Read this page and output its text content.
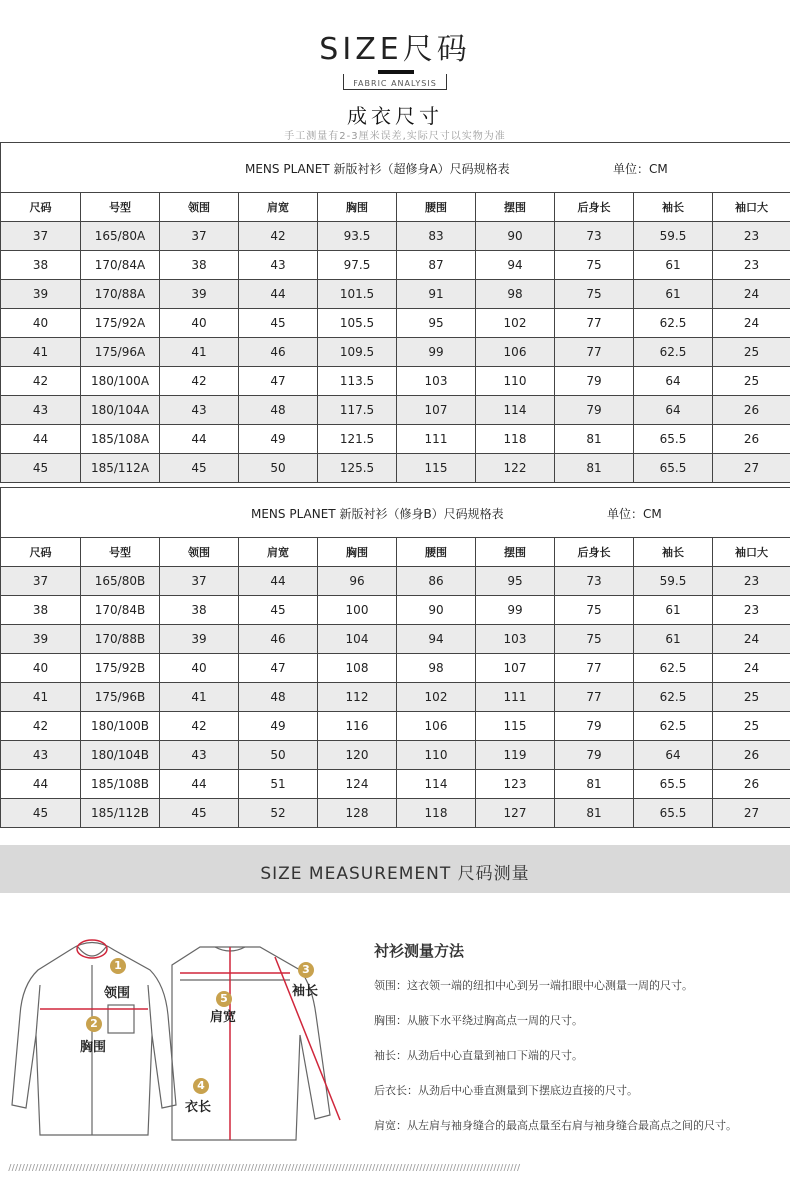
SIZE尺码
FABRIC ANALYSIS
成衣尺寸
手工测量有2-3厘米误差,实际尺寸以实物为准
MENS PLANET 新版衬衫（超修身A）尺码规格表 单位：CM									

尺码	号型	领围	肩宽	胸围	腰围	摆围	后身长	袖长	袖口大
37	165/80A	37	42	93.5	83	90	73	59.5	23
38	170/84A	38	43	97.5	87	94	75	61	23
39	170/88A	39	44	101.5	91	98	75	61	24
40	175/92A	40	45	105.5	95	102	77	62.5	24
41	175/96A	41	46	109.5	99	106	77	62.5	25
42	180/100A	42	47	113.5	103	110	79	64	25
43	180/104A	43	48	117.5	107	114	79	64	26
44	185/108A	44	49	121.5	111	118	81	65.5	26
45	185/112A	45	50	125.5	115	122	81	65.5	27
MENS PLANET 新版衬衫（修身B）尺码规格表 单位：CM									

尺码	号型	领围	肩宽	胸围	腰围	摆围	后身长	袖长	袖口大
37	165/80B	37	44	96	86	95	73	59.5	23
38	170/84B	38	45	100	90	99	75	61	23
39	170/88B	39	46	104	94	103	75	61	24
40	175/92B	40	47	108	98	107	77	62.5	24
41	175/96B	41	48	112	102	111	77	62.5	25
42	180/100B	42	49	116	106	115	79	62.5	25
43	180/104B	43	50	120	110	119	79	64	26
44	185/108B	44	51	124	114	123	81	65.5	26
45	185/112B	45	52	128	118	127	81	65.5	27
SIZE MEASUREMENT 尺码测量
1
领围
2
胸围
3
袖长
4
衣长
5
肩宽
衬衫测量方法
领围：这衣领一端的纽扣中心到另一端扣眼中心测量一周的尺寸。
胸围：从腋下水平绕过胸高点一周的尺寸。
袖长：从劲后中心直量到袖口下端的尺寸。
后衣长：从劲后中心垂直测量到下摆底边直接的尺寸。
肩宽：从左肩与袖身缝合的最高点量至右肩与袖身缝合最高点之间的尺寸。
////////////////////////////////////////////////////////////////////////////////////////////////////////////////////////////////////////////////////////
